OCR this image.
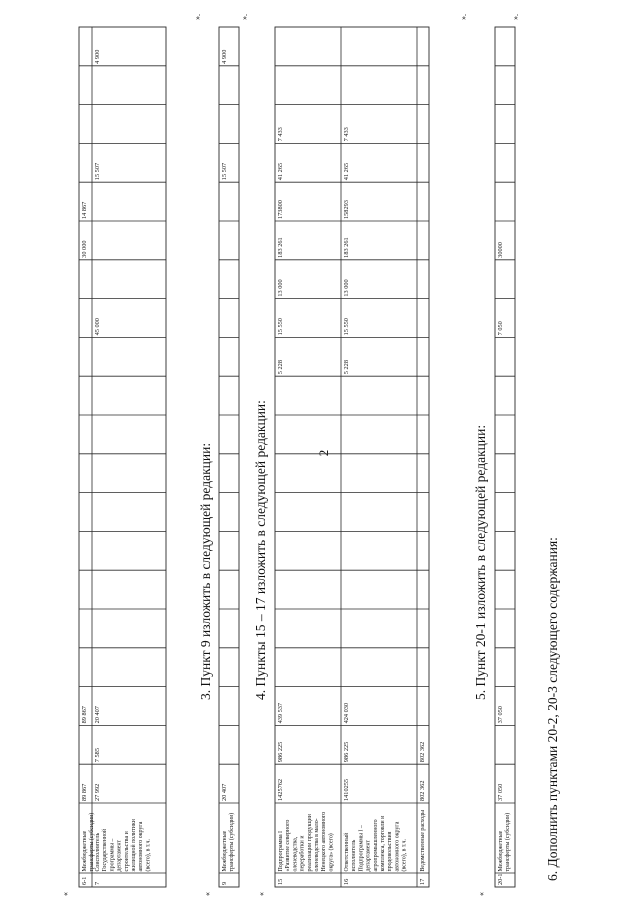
2
6-1
Межбюджетные трансферты (субсидии)
89 867
89 867
30 000
14 867
7
Соисполнитель Государственной программы – департамент строительства и жилищной политики автономного округа (всего), в т.ч.
27 992
7 585
20 407
45 000
15 507
4 900
«
».
3. Пункт 9 изложить в следующей редакции:
9
Межбюджетные трансферты (субсидии)
20 407
15 507
4 900
«
».
4. Пункты 15 – 17 изложить в следующей редакции:
15
Подпрограмма I «Развитие северного оленеводства, переработки и реализации продукции оленеводства в мало- Ненецкого автономного округа» (всего)
1425762
986 225
439 537
5 228
15 550
13 000
183 261
173800
41 265
7 433
16
Ответственный исполнитель Подпрограммы I – департамент агропромышленного комплекса, торговли и продовольствия автономного округа (всего), в т.ч.
1410255
986 225
424 030
5 228
15 550
13 000
183 261
158293
41 265
7 433
17
Ведомственные расходы
802 362
802 362
«
».
5. Пункт 20-1 изложить в следующей редакции:
20-1
Межбюджетные трансферты (субсидии)
37 050
37 050
7 050
30000
«
».
6. Дополнить пунктами 20-2, 20-3 следующего содержания:
